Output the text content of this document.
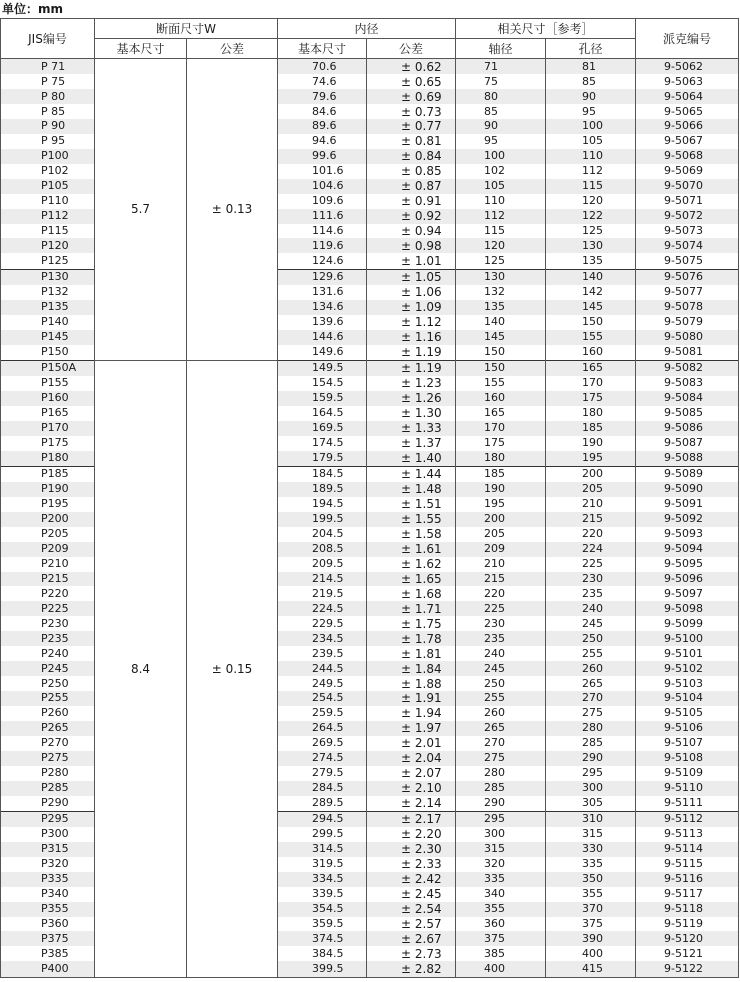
单位：mm
JIS编号	断面尺寸W		内径		相关尺寸［参考］		派克编号
	基本尺寸	公差	基本尺寸	公差	轴径	孔径	
P 71	5.7	± 0.13	70.6	± 0.62	71	81	9-5062
P 75			74.6	± 0.65	75	85	9-5063
P 80			79.6	± 0.69	80	90	9-5064
P 85			84.6	± 0.73	85	95	9-5065
P 90			89.6	± 0.77	90	100	9-5066
P 95			94.6	± 0.81	95	105	9-5067
P100			99.6	± 0.84	100	110	9-5068
P102			101.6	± 0.85	102	112	9-5069
P105			104.6	± 0.87	105	115	9-5070
P110			109.6	± 0.91	110	120	9-5071
P112			111.6	± 0.92	112	122	9-5072
P115			114.6	± 0.94	115	125	9-5073
P120			119.6	± 0.98	120	130	9-5074
P125			124.6	± 1.01	125	135	9-5075
P130			129.6	± 1.05	130	140	9-5076
P132			131.6	± 1.06	132	142	9-5077
P135			134.6	± 1.09	135	145	9-5078
P140			139.6	± 1.12	140	150	9-5079
P145			144.6	± 1.16	145	155	9-5080
P150			149.6	± 1.19	150	160	9-5081
P150A	8.4	± 0.15	149.5	± 1.19	150	165	9-5082
P155			154.5	± 1.23	155	170	9-5083
P160			159.5	± 1.26	160	175	9-5084
P165			164.5	± 1.30	165	180	9-5085
P170			169.5	± 1.33	170	185	9-5086
P175			174.5	± 1.37	175	190	9-5087
P180			179.5	± 1.40	180	195	9-5088
P185			184.5	± 1.44	185	200	9-5089
P190			189.5	± 1.48	190	205	9-5090
P195			194.5	± 1.51	195	210	9-5091
P200			199.5	± 1.55	200	215	9-5092
P205			204.5	± 1.58	205	220	9-5093
P209			208.5	± 1.61	209	224	9-5094
P210			209.5	± 1.62	210	225	9-5095
P215			214.5	± 1.65	215	230	9-5096
P220			219.5	± 1.68	220	235	9-5097
P225			224.5	± 1.71	225	240	9-5098
P230			229.5	± 1.75	230	245	9-5099
P235			234.5	± 1.78	235	250	9-5100
P240			239.5	± 1.81	240	255	9-5101
P245			244.5	± 1.84	245	260	9-5102
P250			249.5	± 1.88	250	265	9-5103
P255			254.5	± 1.91	255	270	9-5104
P260			259.5	± 1.94	260	275	9-5105
P265			264.5	± 1.97	265	280	9-5106
P270			269.5	± 2.01	270	285	9-5107
P275			274.5	± 2.04	275	290	9-5108
P280			279.5	± 2.07	280	295	9-5109
P285			284.5	± 2.10	285	300	9-5110
P290			289.5	± 2.14	290	305	9-5111
P295			294.5	± 2.17	295	310	9-5112
P300			299.5	± 2.20	300	315	9-5113
P315			314.5	± 2.30	315	330	9-5114
P320			319.5	± 2.33	320	335	9-5115
P335			334.5	± 2.42	335	350	9-5116
P340			339.5	± 2.45	340	355	9-5117
P355			354.5	± 2.54	355	370	9-5118
P360			359.5	± 2.57	360	375	9-5119
P375			374.5	± 2.67	375	390	9-5120
P385			384.5	± 2.73	385	400	9-5121
P400			399.5	± 2.82	400	415	9-5122
